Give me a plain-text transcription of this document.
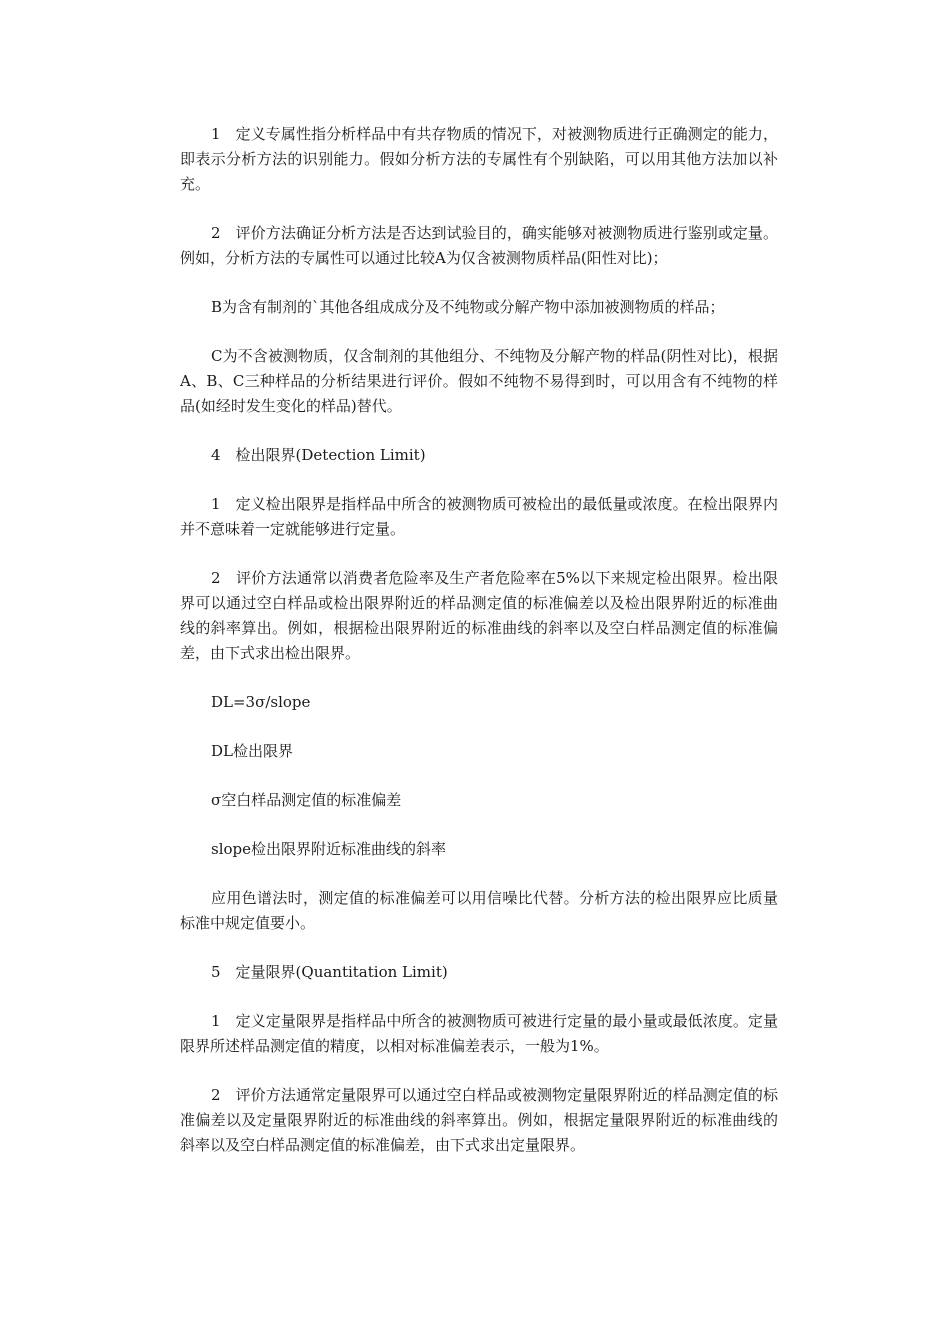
1　定义专属性指分析样品中有共存物质的情况下，对被测物质进行正确测定的能力，即表示分析方法的识别能力。假如分析方法的专属性有个别缺陷，可以用其他方法加以补充。

2　评价方法确证分析方法是否达到试验目的，确实能够对被测物质进行鉴别或定量。例如，分析方法的专属性可以通过比较A为仅含被测物质样品(阳性对比)；

B为含有制剂的`其他各组成成分及不纯物或分解产物中添加被测物质的样品；

C为不含被测物质，仅含制剂的其他组分、不纯物及分解产物的样品(阴性对比)，根据A、B、C三种样品的分析结果进行评价。假如不纯物不易得到时，可以用含有不纯物的样品(如经时发生变化的样品)替代。

4　检出限界(Detection Limit)

1　定义检出限界是指样品中所含的被测物质可被检出的最低量或浓度。在检出限界内并不意味着一定就能够进行定量。

2　评价方法通常以消费者危险率及生产者危险率在5%以下来规定检出限界。检出限界可以通过空白样品或检出限界附近的样品测定值的标准偏差以及检出限界附近的标准曲线的斜率算出。例如，根据检出限界附近的标准曲线的斜率以及空白样品测定值的标准偏差，由下式求出检出限界。

DL=3σ/slope

DL检出限界

σ空白样品测定值的标准偏差

slope检出限界附近标准曲线的斜率

应用色谱法时，测定值的标准偏差可以用信噪比代替。分析方法的检出限界应比质量标准中规定值要小。

5　定量限界(Quantitation Limit)

1　定义定量限界是指样品中所含的被测物质可被进行定量的最小量或最低浓度。定量限界所述样品测定值的精度，以相对标准偏差表示，一般为1%。

2　评价方法通常定量限界可以通过空白样品或被测物定量限界附近的样品测定值的标准偏差以及定量限界附近的标准曲线的斜率算出。例如，根据定量限界附近的标准曲线的斜率以及空白样品测定值的标准偏差，由下式求出定量限界。
